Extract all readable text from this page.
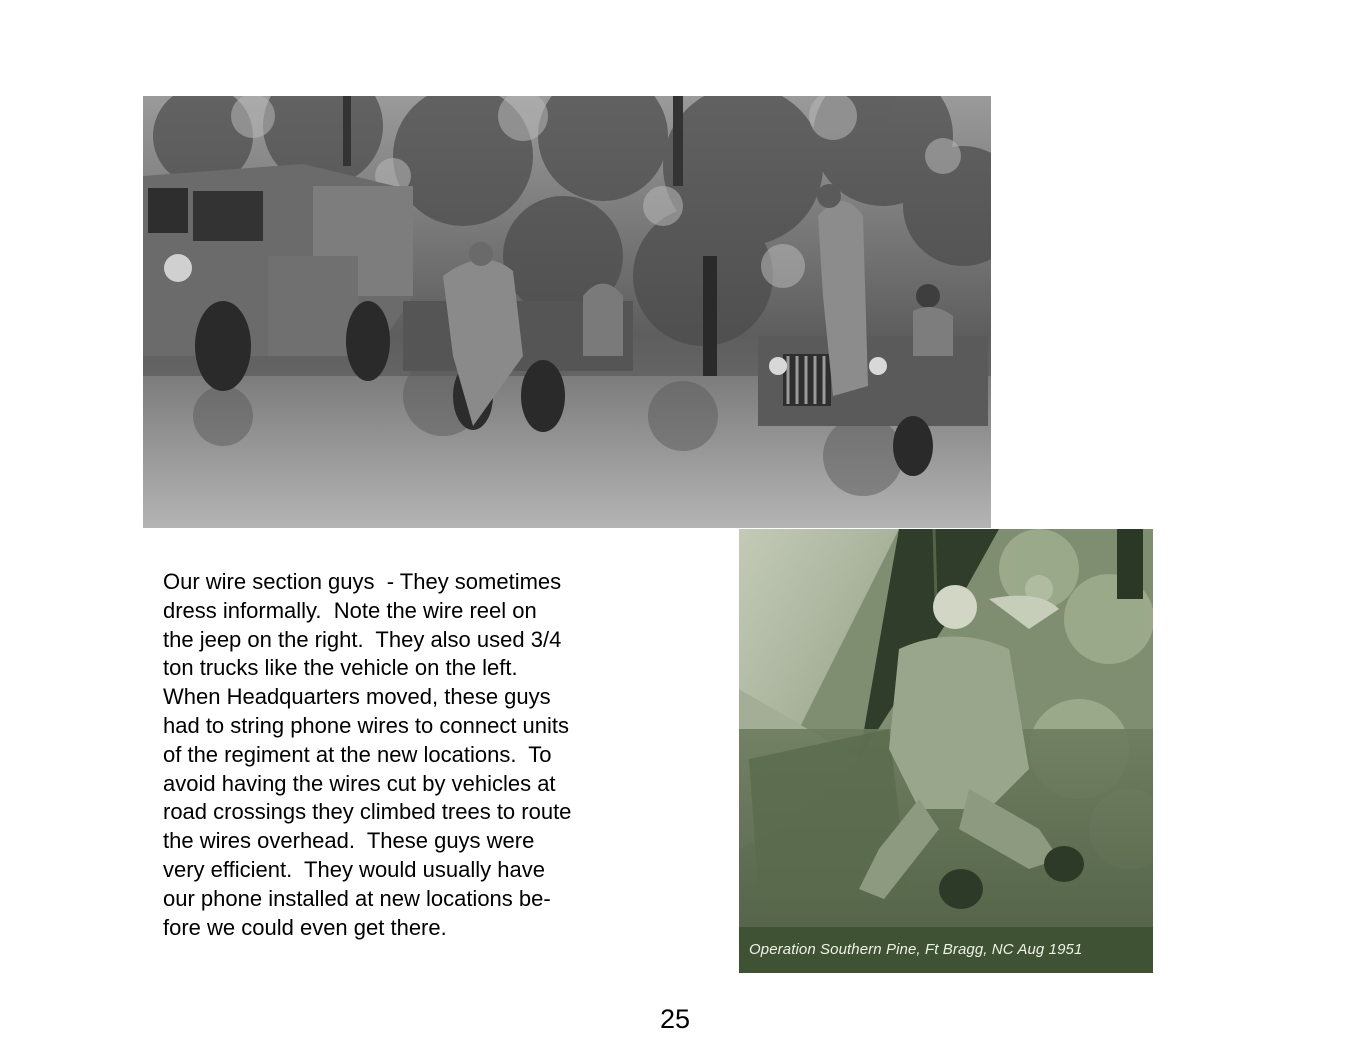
Our wire section guys  - They sometimes
dress informally.  Note the wire reel on
the jeep on the right.  They also used 3/4
ton trucks like the vehicle on the left.
When Headquarters moved, these guys
had to string phone wires to connect units
of the regiment at the new locations.  To
avoid having the wires cut by vehicles at
road crossings they climbed trees to route
the wires overhead.  These guys were
very efficient.  They would usually have
our phone installed at new locations be-
fore we could even get there.
Operation Southern Pine, Ft Bragg, NC Aug 1951
25
